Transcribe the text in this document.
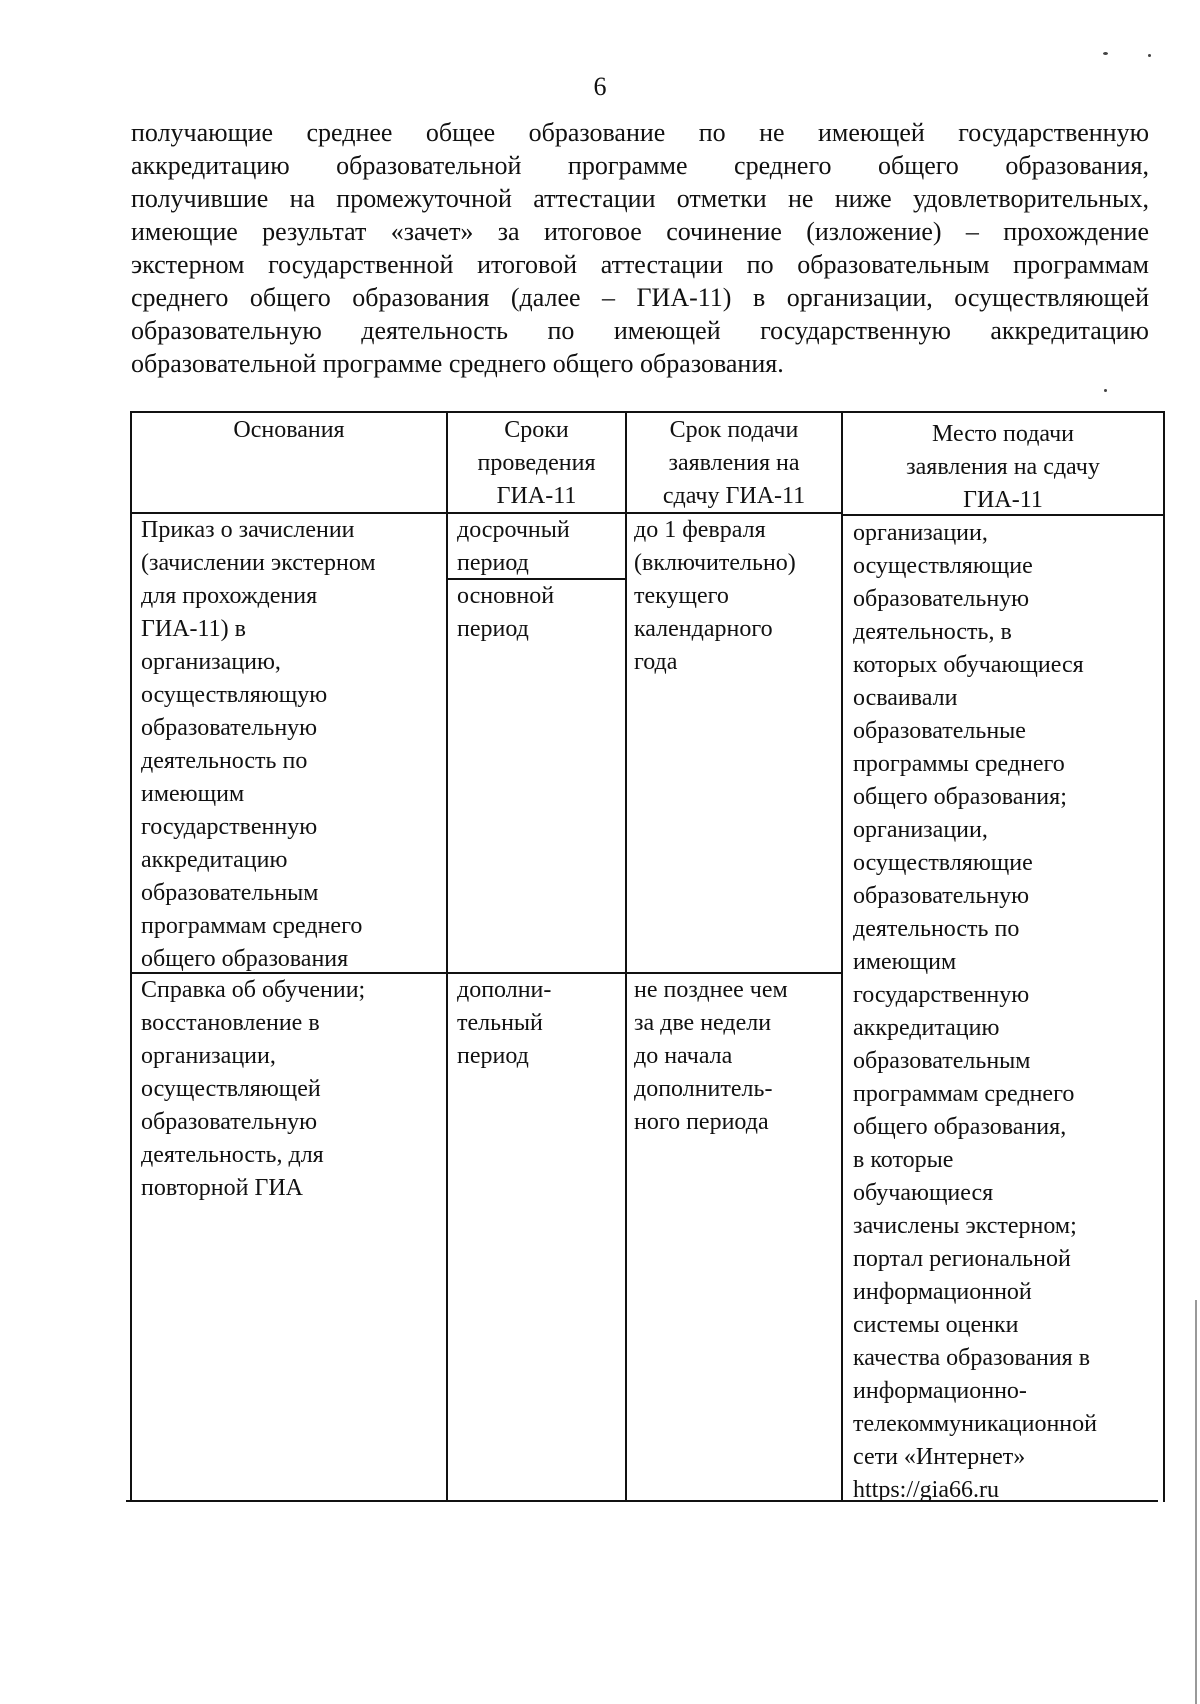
6
получающие среднее общее образование по не имеющей государственную
аккредитацию образовательной программе среднего общего образования,
получившие на промежуточной аттестации отметки не ниже удовлетворительных,
имеющие результат «зачет» за итоговое сочинение (изложение) – прохождение
экстерном государственной итоговой аттестации по образовательным программам
среднего общего образования (далее – ГИА-11) в организации, осуществляющей
образовательную деятельность по имеющей государственную аккредитацию
образовательной программе среднего общего образования.
Основания	Сроки
проведения
ГИА-11
Срок подачи
заявления на
сдачу ГИА-11
Место подачи
заявления на сдачу
ГИА-11
Приказ о зачислении
(зачислении экстерном
для прохождения
ГИА-11) в
организацию,
осуществляющую
образовательную
деятельность по
имеющим
государственную
аккредитацию
образовательным
программам среднего
общего образования
досрочный
период
основной
период
до 1 февраля
(включительно)
текущего
календарного
года
Справка об обучении;
восстановление в
организации,
осуществляющей
образовательную
деятельность, для
повторной ГИА
дополни-
тельный
период
не позднее чем
за две недели
до начала
дополнитель-
ного периода
организации,
осуществляющие
образовательную
деятельность, в
которых обучающиеся
осваивали
образовательные
программы среднего
общего образования;
организации,
осуществляющие
образовательную
деятельность по
имеющим
государственную
аккредитацию
образовательным
программам среднего
общего образования,
в которые
обучающиеся
зачислены экстерном;
портал региональной
информационной
системы оценки
качества образования в
информационно-
телекоммуникационной
сети «Интернет»
https://gia66.ru
